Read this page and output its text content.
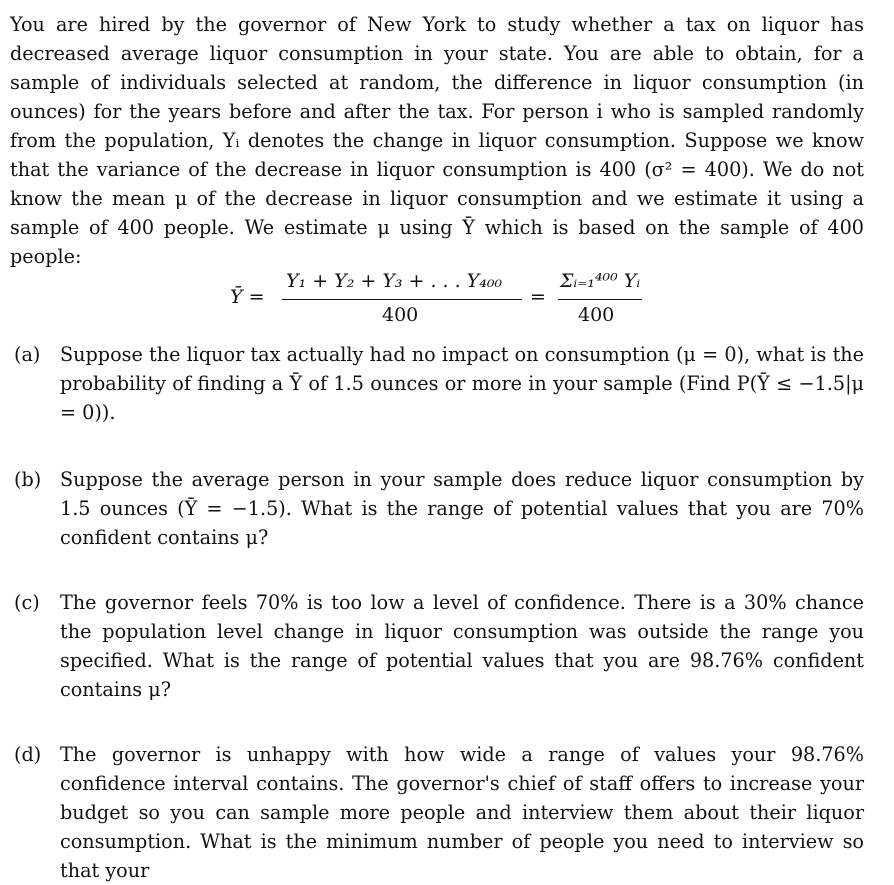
You are hired by the governor of New York to study whether a tax on liquor has decreased average liquor consumption in your state. You are able to obtain, for a sample of individuals selected at random, the difference in liquor consumption (in ounces) for the years before and after the tax. For person i who is sampled randomly from the population, Yᵢ denotes the change in liquor consumption. Suppose we know that the variance of the decrease in liquor consumption is 400 (σ² = 400). We do not know the mean μ of the decrease in liquor consumption and we estimate it using a sample of 400 people. We estimate μ using Ȳ which is based on the sample of 400 people:
Ȳ =
Y₁ + Y₂ + Y₃ + . . . Y₄₀₀
400
=
Σᵢ₌₁⁴⁰⁰ Yᵢ
400
(a)	Suppose the liquor tax actually had no impact on consumption (μ = 0), what is the probability of finding a Ȳ of 1.5 ounces or more in your sample (Find P(Ȳ ≤ −1.5|μ = 0)).
(b) Suppose the average person in your sample does reduce liquor consumption by 1.5 ounces (Ȳ = −1.5). What is the range of potential values that you are 70% confident contains μ?
(c)	The governor feels 70% is too low a level of confidence. There is a 30% chance the population level change in liquor consumption was outside the range you specified. What is the range of potential values that you are 98.76% confident contains μ?
(d) The governor is unhappy with how wide a range of values your 98.76% confidence interval contains. The governor's chief of staff offers to increase your budget so you can sample more people and interview them about their liquor consumption. What is the minimum number of people you need to interview so that your
